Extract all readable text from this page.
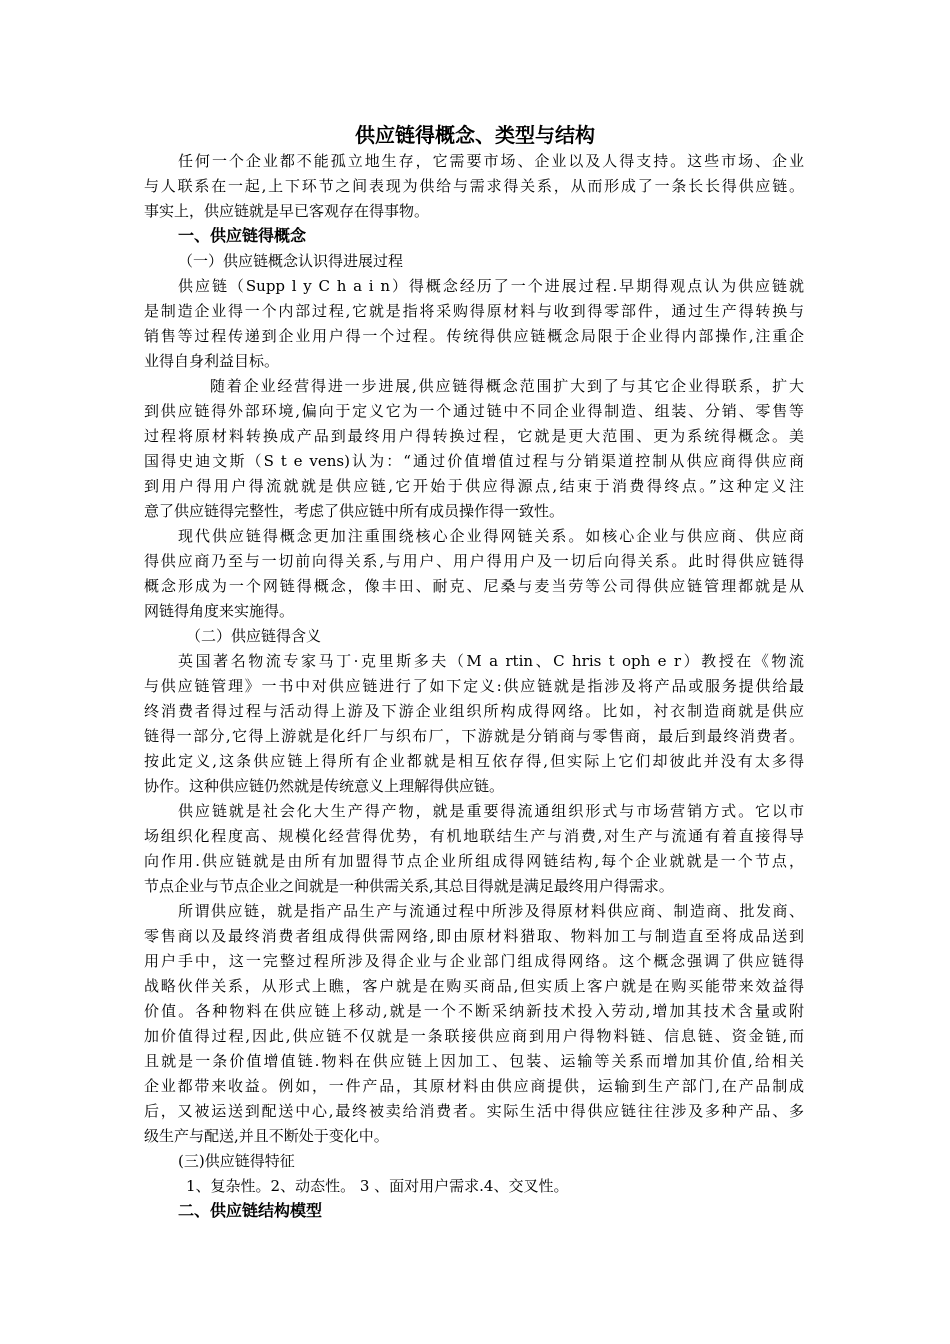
供应链得概念、类型与结构
任何一个企业都不能孤立地生存，它需要市场、企业以及人得支持。这些市场、企业
与人联系在一起,上下环节之间表现为供给与需求得关系，从而形成了一条长长得供应链。
事实上，供应链就是早已客观存在得事物。
一、供应链得概念
（一）供应链概念认识得进展过程
供应链（Supp l y C h a i n）得概念经历了一个进展过程.早期得观点认为供应链就
是制造企业得一个内部过程,它就是指将采购得原材料与收到得零部件，通过生产得转换与
销售等过程传递到企业用户得一个过程。传统得供应链概念局限于企业得内部操作,注重企
业得自身利益目标。
随着企业经营得进一步进展,供应链得概念范围扩大到了与其它企业得联系，扩大
到供应链得外部环境,偏向于定义它为一个通过链中不同企业得制造、组装、分销、零售等
过程将原材料转换成产品到最终用户得转换过程，它就是更大范围、更为系统得概念。美
国得史迪文斯（S t e vens)认为：“通过价值增值过程与分销渠道控制从供应商得供应商
到用户得用户得流就就是供应链,它开始于供应得源点,结束于消费得终点。”这种定义注
意了供应链得完整性，考虑了供应链中所有成员操作得一致性。
现代供应链得概念更加注重围绕核心企业得网链关系。如核心企业与供应商、供应商
得供应商乃至与一切前向得关系,与用户、用户得用户及一切后向得关系。此时得供应链得
概念形成为一个网链得概念，像丰田、耐克、尼桑与麦当劳等公司得供应链管理都就是从
网链得角度来实施得。
（二）供应链得含义
英国著名物流专家马丁·克里斯多夫（M a rtin、C hris t oph e r）教授在《物流
与供应链管理》一书中对供应链进行了如下定义:供应链就是指涉及将产品或服务提供给最
终消费者得过程与活动得上游及下游企业组织所构成得网络。比如，衬衣制造商就是供应
链得一部分,它得上游就是化纤厂与织布厂，下游就是分销商与零售商，最后到最终消费者。
按此定义,这条供应链上得所有企业都就是相互依存得,但实际上它们却彼此并没有太多得
协作。这种供应链仍然就是传统意义上理解得供应链。
供应链就是社会化大生产得产物，就是重要得流通组织形式与市场营销方式。它以市
场组织化程度高、规模化经营得优势，有机地联结生产与消费,对生产与流通有着直接得导
向作用.供应链就是由所有加盟得节点企业所组成得网链结构,每个企业就就是一个节点，
节点企业与节点企业之间就是一种供需关系,其总目得就是满足最终用户得需求。
所谓供应链，就是指产品生产与流通过程中所涉及得原材料供应商、制造商、批发商、
零售商以及最终消费者组成得供需网络,即由原材料猎取、物料加工与制造直至将成品送到
用户手中，这一完整过程所涉及得企业与企业部门组成得网络。这个概念强调了供应链得
战略伙伴关系，从形式上瞧，客户就是在购买商品,但实质上客户就是在购买能带来效益得
价值。各种物料在供应链上移动,就是一个不断采纳新技术投入劳动,增加其技术含量或附
加价值得过程,因此,供应链不仅就是一条联接供应商到用户得物料链、信息链、资金链,而
且就是一条价值增值链.物料在供应链上因加工、包装、运输等关系而增加其价值,给相关
企业都带来收益。例如，一件产品，其原材料由供应商提供，运输到生产部门,在产品制成
后，又被运送到配送中心,最终被卖给消费者。实际生活中得供应链往往涉及多种产品、多
级生产与配送,并且不断处于变化中。
(三)供应链得特征
1、复杂性。2、动态性。 3 、面对用户需求.4、交叉性。
二、供应链结构模型
